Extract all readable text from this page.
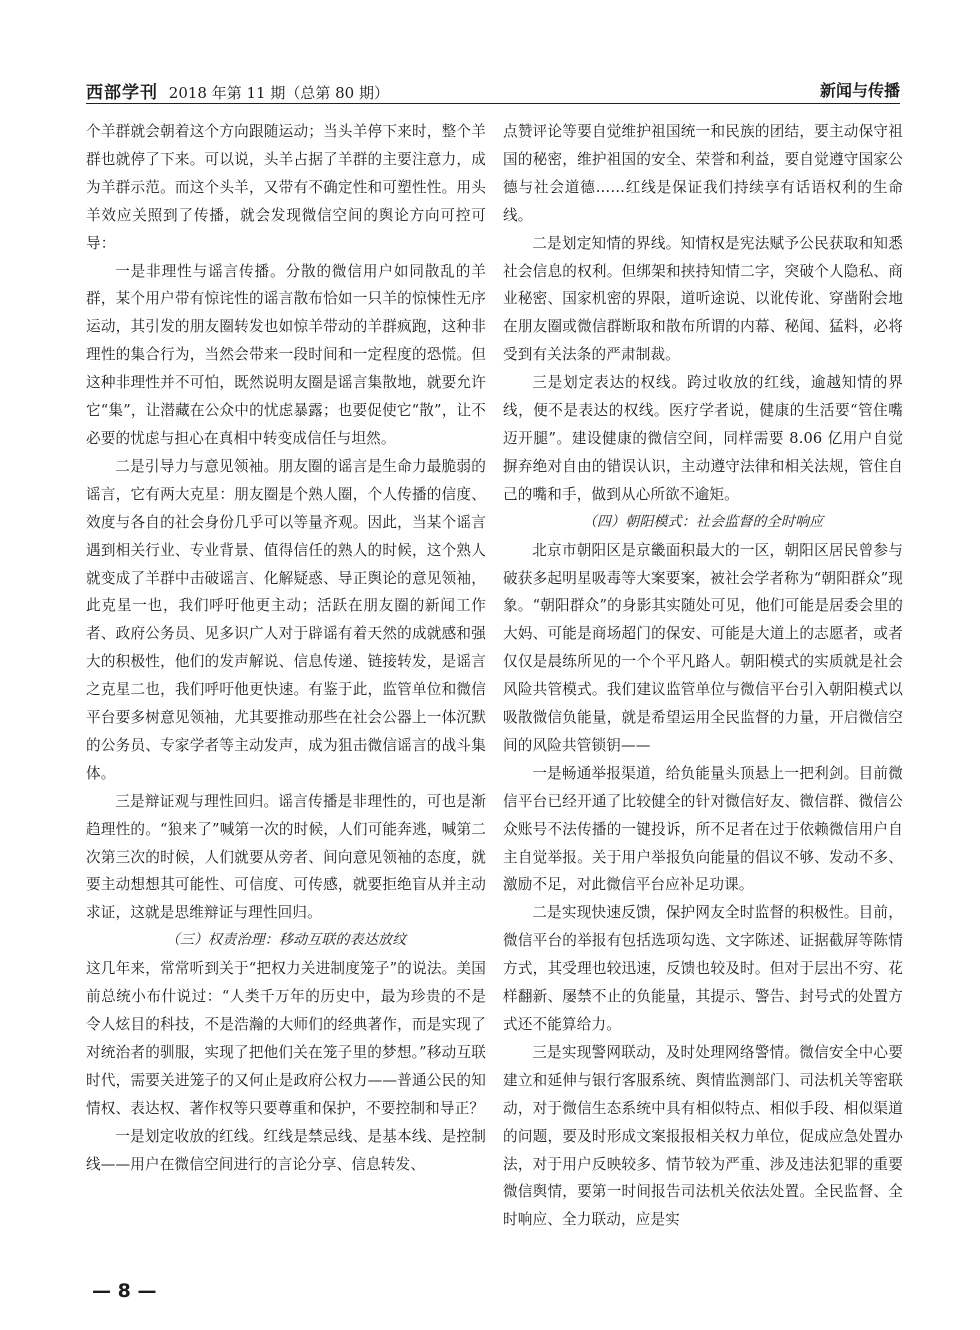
西部学刊 2018 年第 11 期（总第 80 期）	新闻与传播

个羊群就会朝着这个方向跟随运动；当头羊停下来时，整个羊群也就停了下来。可以说，头羊占据了羊群的主要注意力，成为羊群示范。而这个头羊，又带有不确定性和可塑性性。用头羊效应关照到了传播，就会发现微信空间的舆论方向可控可导：

一是非理性与谣言传播。分散的微信用户如同散乱的羊群，某个用户带有惊诧性的谣言散布恰如一只羊的惊悚性无序运动，其引发的朋友圈转发也如惊羊带动的羊群疯跑，这种非理性的集合行为，当然会带来一段时间和一定程度的恐慌。但这种非理性并不可怕，既然说明友圈是谣言集散地，就要允许它“集”，让潜藏在公众中的忧虑暴露；也要促使它“散”，让不必要的忧虑与担心在真相中转变成信任与坦然。

二是引导力与意见领袖。朋友圈的谣言是生命力最脆弱的谣言，它有两大克星：朋友圈是个熟人圈，个人传播的信度、效度与各自的社会身份几乎可以等量齐观。因此，当某个谣言遇到相关行业、专业背景、值得信任的熟人的时候，这个熟人就变成了羊群中击破谣言、化解疑惑、导正舆论的意见领袖，此克星一也，我们呼吁他更主动；活跃在朋友圈的新闻工作者、政府公务员、见多识广人对于辟谣有着天然的成就感和强大的积极性，他们的发声解说、信息传递、链接转发，是谣言之克星二也，我们呼吁他更快速。有鉴于此，监管单位和微信平台要多树意见领袖，尤其要推动那些在社会公器上一体沉默的公务员、专家学者等主动发声，成为狙击微信谣言的战斗集体。

三是辩证观与理性回归。谣言传播是非理性的，可也是渐趋理性的。“狼来了”喊第一次的时候，人们可能奔逃，喊第二次第三次的时候，人们就要从旁者、间向意见领袖的态度，就要主动想想其可能性、可信度、可传感，就要拒绝盲从并主动求证，这就是思维辩证与理性回归。

（三）权责治理：移动互联的表达放纹

这几年来，常常听到关于“把权力关进制度笼子”的说法。美国前总统小布什说过：“人类千万年的历史中，最为珍贵的不是令人炫目的科技，不是浩瀚的大师们的经典著作，而是实现了对统治者的驯服，实现了把他们关在笼子里的梦想。”移动互联时代，需要关进笼子的又何止是政府公权力——普通公民的知情权、表达权、著作权等只要尊重和保护，不要控制和导正？

一是划定收放的红线。红线是禁忌线、是基本线、是控制线——用户在微信空间进行的言论分享、信息转发、

点赞评论等要自觉维护祖国统一和民族的团结，要主动保守祖国的秘密，维护祖国的安全、荣誉和利益，要自觉遵守国家公德与社会道德……红线是保证我们持续享有话语权利的生命线。

二是划定知情的界线。知情权是宪法赋予公民获取和知悉社会信息的权利。但绑架和挟持知情二字，突破个人隐私、商业秘密、国家机密的界限，道听途说、以讹传讹、穿凿附会地在朋友圈或微信群断取和散布所谓的内幕、秘闻、猛料，必将受到有关法条的严肃制裁。

三是划定表达的权线。跨过收放的红线，逾越知情的界线，便不是表达的权线。医疗学者说，健康的生活要“管住嘴迈开腿”。建设健康的微信空间，同样需要 8.06 亿用户自觉摒弃绝对自由的错误认识，主动遵守法律和相关法规，管住自己的嘴和手，做到从心所欲不逾矩。

（四）朝阳模式：社会监督的全时响应

北京市朝阳区是京畿面积最大的一区，朝阳区居民曾参与破获多起明星吸毒等大案要案，被社会学者称为“朝阳群众”现象。“朝阳群众”的身影其实随处可见，他们可能是居委会里的大妈、可能是商场超门的保安、可能是大道上的志愿者，或者仅仅是晨练所见的一个个平凡路人。朝阳模式的实质就是社会风险共管模式。我们建议监管单位与微信平台引入朝阳模式以吸散微信负能量，就是希望运用全民监督的力量，开启微信空间的风险共管锁钥——

一是畅通举报渠道，给负能量头顶悬上一把利剑。目前微信平台已经开通了比较健全的针对微信好友、微信群、微信公众账号不法传播的一键投诉，所不足者在过于依赖微信用户自主自觉举报。关于用户举报负向能量的倡议不够、发动不多、激励不足，对此微信平台应补足功课。

二是实现快速反馈，保护网友全时监督的积极性。目前，微信平台的举报有包括选项勾选、文字陈述、证据截屏等陈情方式，其受理也较迅速，反馈也较及时。但对于层出不穷、花样翻新、屡禁不止的负能量，其提示、警告、封号式的处置方式还不能算给力。

三是实现警网联动，及时处理网络警情。微信安全中心要建立和延伸与银行客服系统、舆情监测部门、司法机关等密联动，对于微信生态系统中具有相似特点、相似手段、相似渠道的问题，要及时形成文案报报相关权力单位，促成应急处置办法，对于用户反映较多、情节较为严重、涉及违法犯罪的重要微信舆情，要第一时间报告司法机关依法处置。全民监督、全时响应、全力联动，应是实

— 8 —
